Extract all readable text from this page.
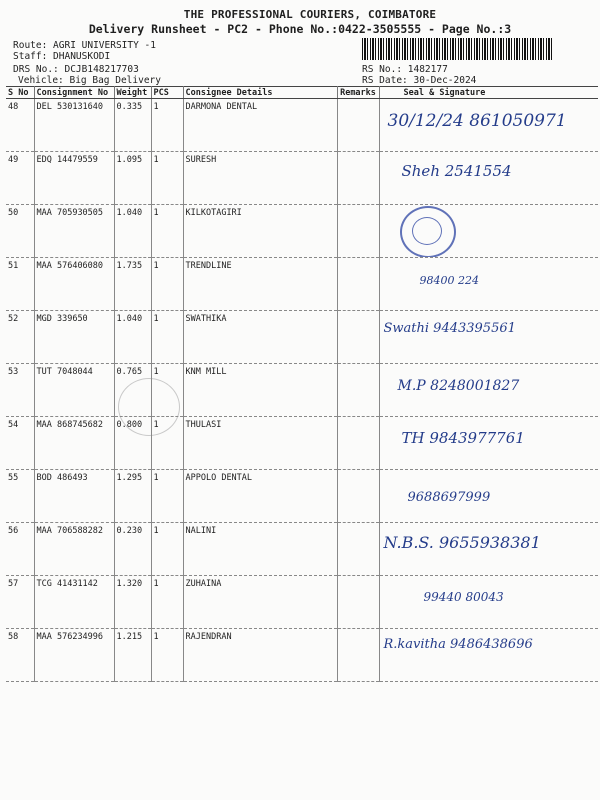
THE PROFESSIONAL COURIERS, COIMBATORE
Delivery Runsheet - PC2 - Phone No.:0422-3505555 - Page No.:3
Route: AGRI UNIVERSITY -1
Staff: DHANUSKODI
DRS No.: DCJB148217703
Vehicle: Big Bag Delivery
RS No.: 1482177
RS Date: 30-Dec-2024
S No	Consignment No	Weight	PCS	Consignee Details	Remarks	Seal & Signature
48	DEL 530131640	0.335	1	DARMONA DENTAL		30/12/24 861050971

49	EDQ 14479559	1.095	1	SURESH		Sheh 2541554

50	MAA 705930505	1.040	1	KILKOTAGIRI		

51	MAA 576406080	1.735	1	TRENDLINE		98400 224

52	MGD 339650	1.040	1	SWATHIKA		Swathi 9443395561

53	TUT 7048044	0.765	1	KNM MILL		M.P 8248001827

54	MAA 868745682	0.800	1	THULASI		TH 9843977761

55	BOD 486493	1.295	1	APPOLO DENTAL		9688697999

56	MAA 706588282	0.230	1	NALINI		N.B.S. 9655938381

57	TCG 41431142	1.320	1	ZUHAINA		99440 80043

58	MAA 576234996	1.215	1	RAJENDRAN		R.kavitha 9486438696
